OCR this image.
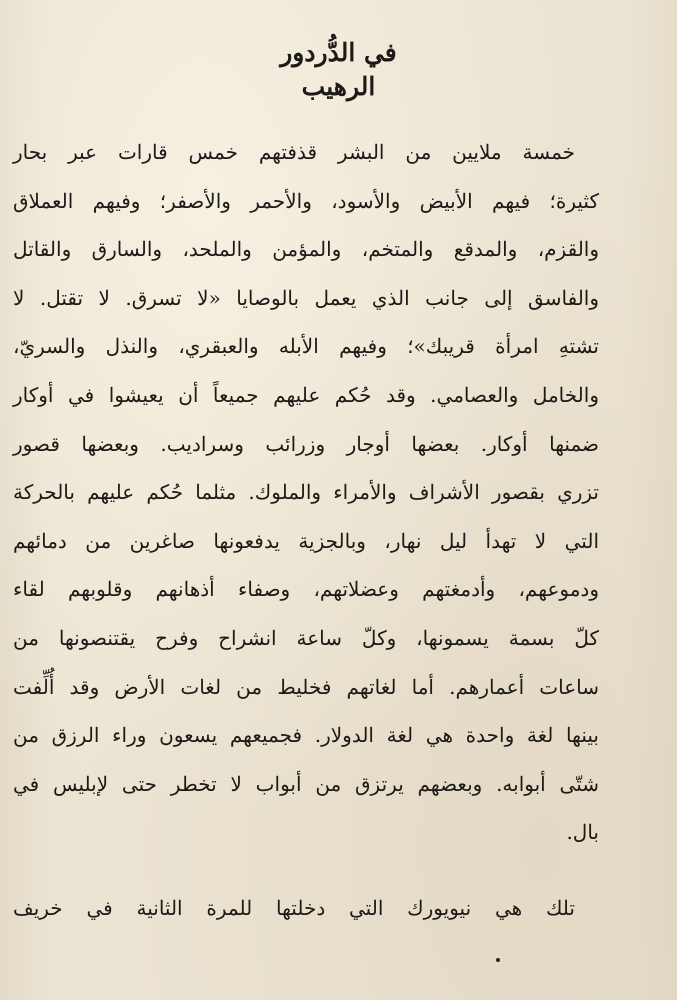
في الدُّردور
الرهيب
خمسة ملايين من البشر قذفتهم خمس قارات عبر بحار
كثيرة؛ فيهم الأبيض والأسود، والأحمر والأصفر؛ وفيهم العملاق
والقزم، والمدقع والمتخم، والمؤمن والملحد، والسارق والقاتل
والفاسق إلى جانب الذي يعمل بالوصايا «لا تسرق. لا تقتل. لا
تشتهِ امرأة قريبك»؛ وفيهم الأبله والعبقري، والنذل والسريّ،
والخامل والعصامي. وقد حُكم عليهم جميعاً أن يعيشوا في أوكار
ضمنها أوكار. بعضها أوجار وزرائب وسراديب. وبعضها قصور
تزري بقصور الأشراف والأمراء والملوك. مثلما حُكم عليهم بالحركة
التي لا تهدأ ليل نهار، وبالجزية يدفعونها صاغرين من دمائهم
ودموعهم، وأدمغتهم وعضلاتهم، وصفاء أذهانهم وقلوبهم لقاء
كلّ بسمة يسمونها، وكلّ ساعة انشراح وفرح يقتنصونها من
ساعات أعمارهم. أما لغاتهم فخليط من لغات الأرض وقد أُلِّفت
بينها لغة واحدة هي لغة الدولار. فجميعهم يسعون وراء الرزق من
شتّى أبوابه. وبعضهم يرتزق من أبواب لا تخطر حتى لإبليس في
بال.
تلك هي نيويورك التي دخلتها للمرة الثانية في خريف
